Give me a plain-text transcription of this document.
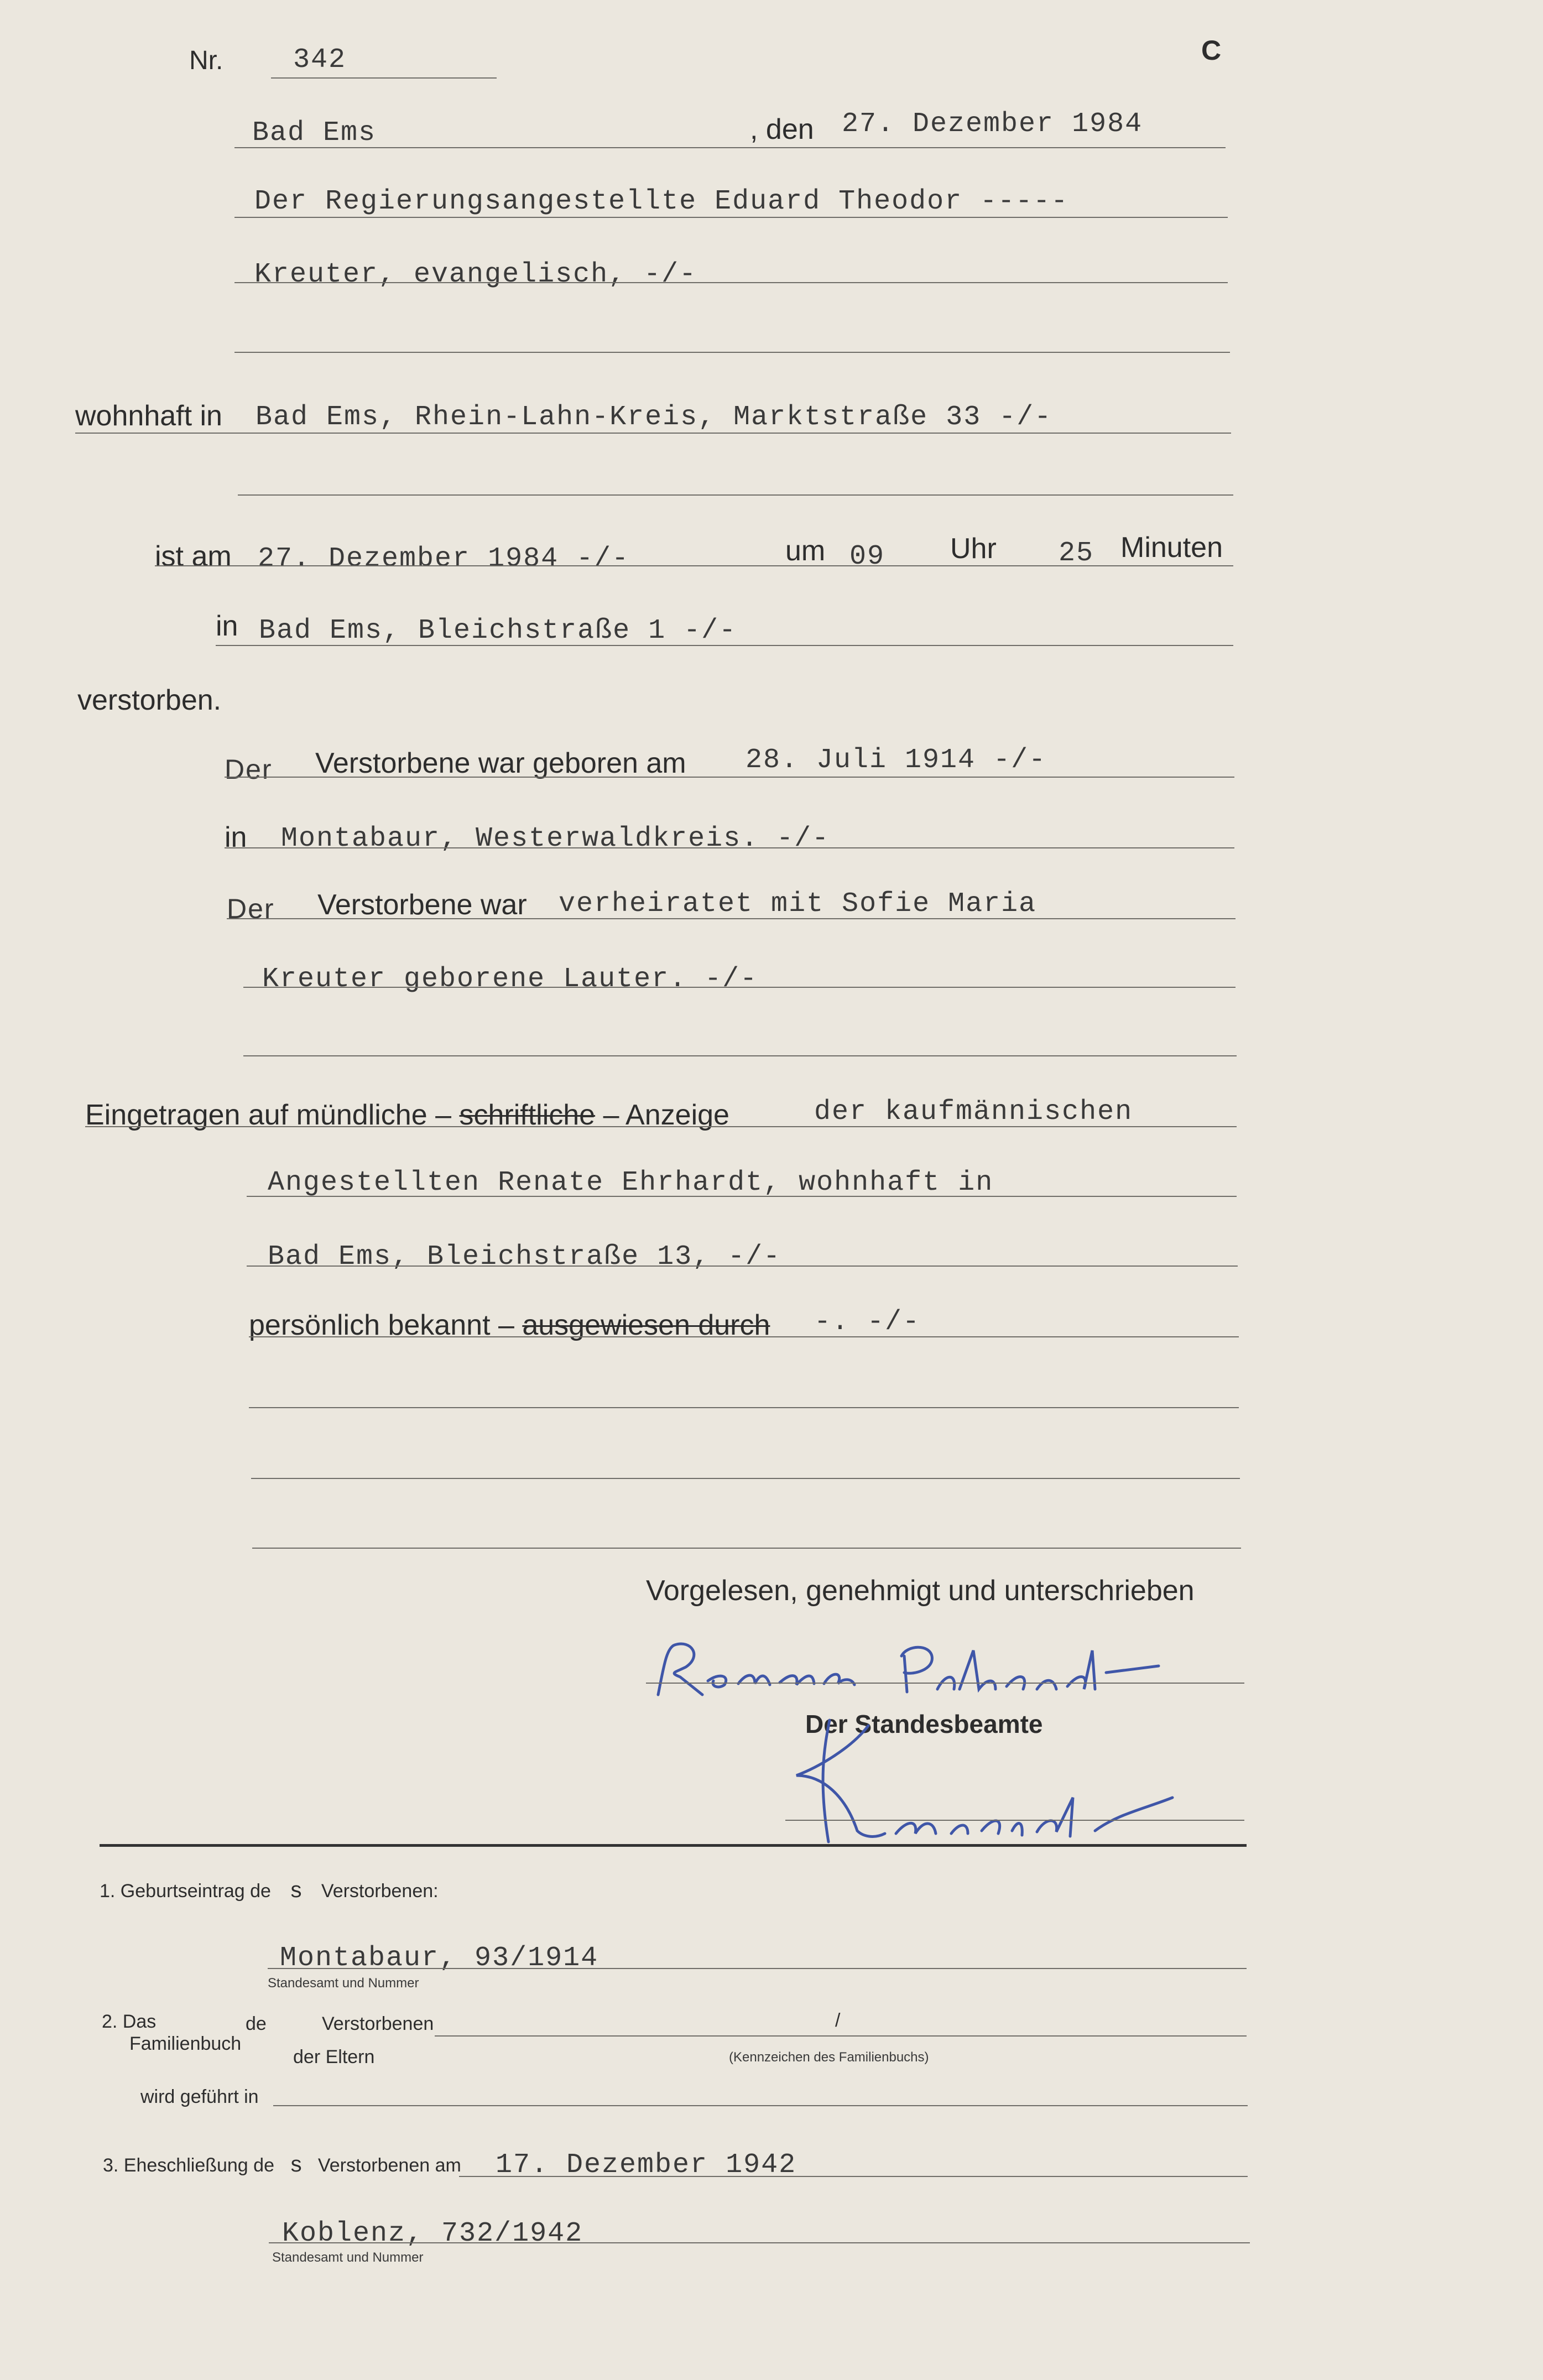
Nr.	342	C
Bad Ems	, den 27. Dezember 1984
Der Regierungsangestellte Eduard Theodor -----
Kreuter, evangelisch, -/-
wohnhaft in Bad Ems, Rhein-Lahn-Kreis, Marktstraße 33 -/-
ist am 27. Dezember 1984 -/-	um 09 Uhr 25 Minuten
in Bad Ems, Bleichstraße 1 -/-
verstorben.
Der Verstorbene war geboren am 28. Juli 1914 -/-
in Montabaur, Westerwaldkreis. -/-
Der Verstorbene war verheiratet mit Sofie Maria
Kreuter geborene Lauter. -/-
Eingetragen auf mündliche – schriftliche – Anzeige	der kaufmännischen
Angestellten Renate Ehrhardt, wohnhaft in
Bad Ems, Bleichstraße 13, -/-
persönlich bekannt – ausgewiesen durch -. -/-
Vorgelesen, genehmigt und unterschrieben
Der Standesbeamte
1. Geburtseintrag de s Verstorbenen:
Montabaur, 93/1914
Standesamt und Nummer
2. Das
Familienbuch
de	Verstorbenen
der Eltern
/
(Kennzeichen des Familienbuchs)
wird geführt in
3. Eheschließung de s Verstorbenen am 17. Dezember 1942
Koblenz, 732/1942
Standesamt und Nummer
